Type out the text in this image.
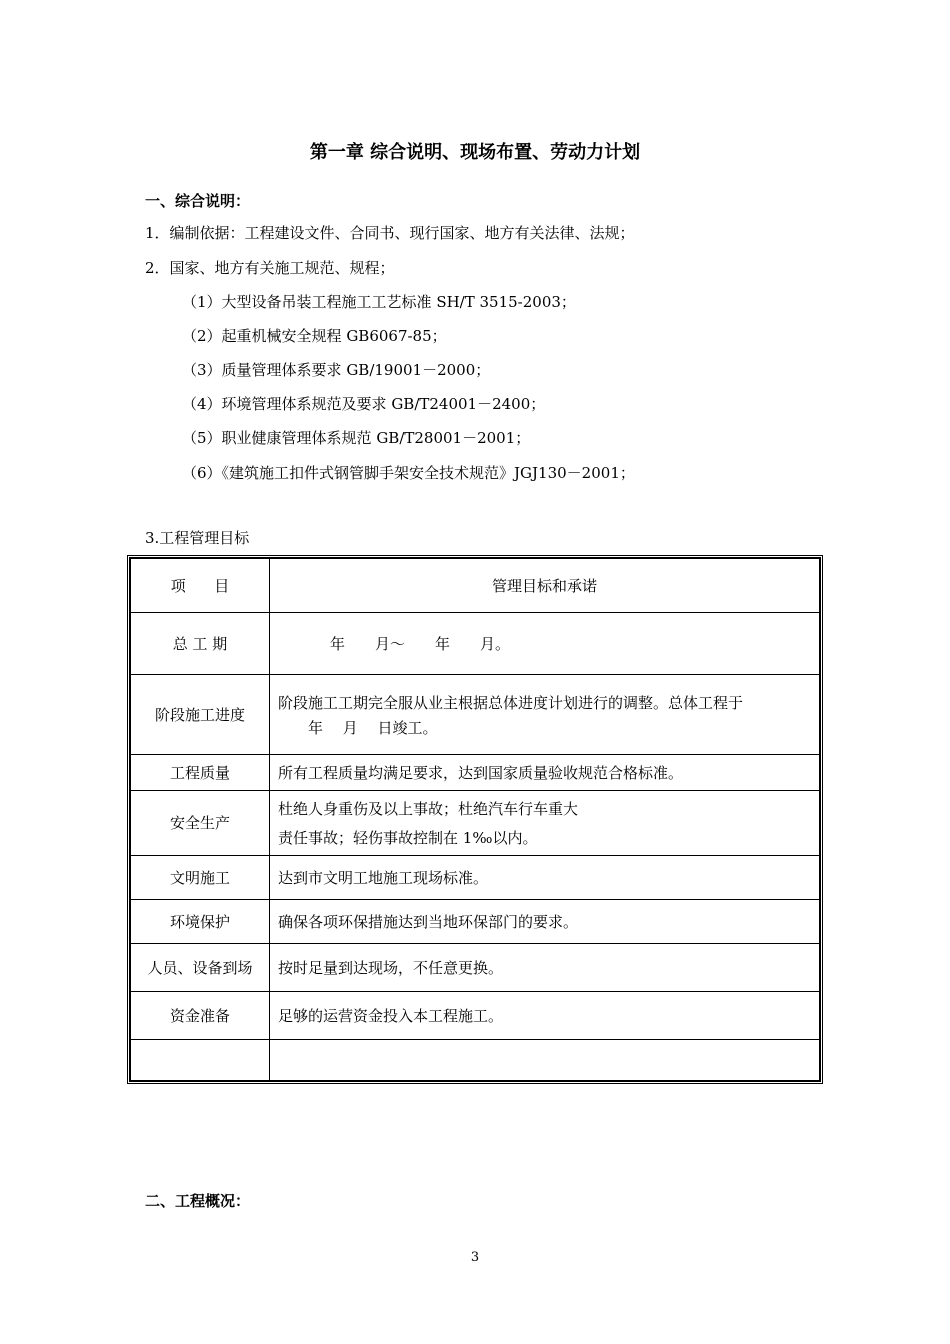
第一章 综合说明、现场布置、劳动力计划
一、综合说明：
1．编制依据：工程建设文件、合同书、现行国家、地方有关法律、法规；
2．国家、地方有关施工规范、规程；
（1）大型设备吊装工程施工工艺标准 SH/T 3515-2003；
（2）起重机械安全规程 GB6067-85；
（3）质量管理体系要求 GB/19001－2000；
（4）环境管理体系规范及要求 GB/T24001－2400；
（5）职业健康管理体系规范 GB/T28001－2001；
（6）《建筑施工扣件式钢管脚手架安全技术规范》JGJ130－2001；
3.工程管理目标
项      目	管理目标和承诺
总 工 期	　　年　　月～　　年　　月。
阶段施工进度	阶段施工工期完全服从业主根据总体进度计划进行的调整。总体工程于
　　年　 月　 日竣工。

工程质量	所有工程质量均满足要求，达到国家质量验收规范合格标准。
安全生产	杜绝人身重伤及以上事故；杜绝汽车行车重大
责任事故；轻伤事故控制在 1‰以内。

文明施工	达到市文明工地施工现场标准。
环境保护	确保各项环保措施达到当地环保部门的要求。
人员、设备到场	按时足量到达现场，不任意更换。
资金准备	足够的运营资金投入本工程施工。

二、工程概况：
3
